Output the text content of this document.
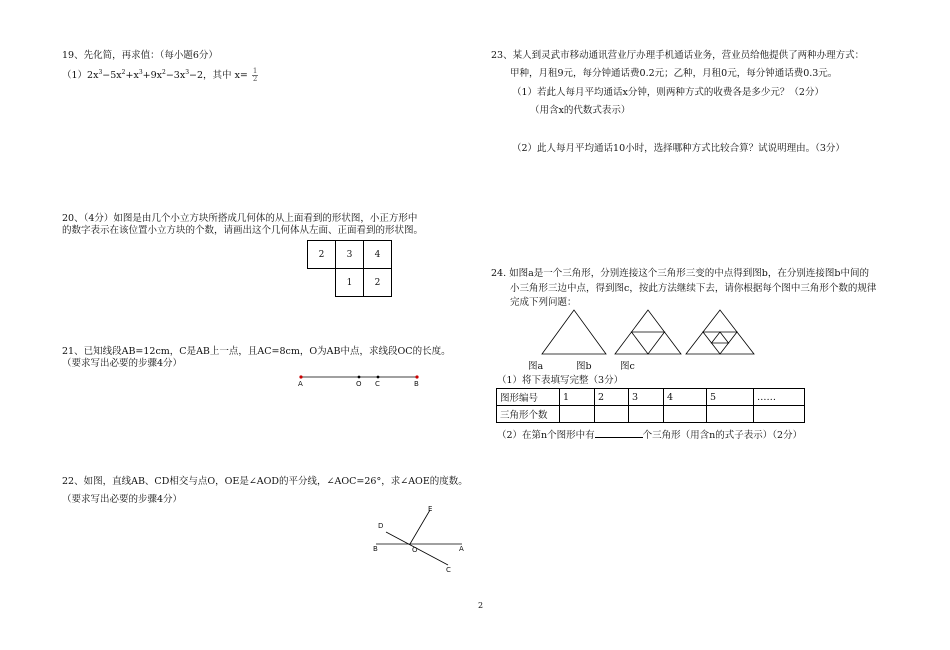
19、先化简，再求值：（每小题6分）
$(1)2x^3-5x^2+x^3+9x^2-3x^3-2$，其中 $x= \frac{1}{2}$
20、（4分）如图是由几个小立方块所搭成几何体的从上面看到的形状图，小正方形中
的数字表示在该位置小立方块的个数，请画出这个几何体从左面、正面看到的形状图。
2	3	4
	1	2
21、已知线段AB=12cm，C是AB上一点，且AC=8cm，O为AB中点，求线段OC的长度。
（要求写出必要的步骤4分）
A	O C	B
22、如图，直线AB、CD相交与点O，OE是∠AOD的平分线，∠AOC=26°，求∠AOE的度数。
（要求写出必要的步骤4分）
D
E
B	O	A
C
23、某人到灵武市移动通讯营业厅办理手机通话业务，营业员给他提供了两种办理方式：
甲种，月租9元，每分钟通话费0.2元；乙种，月租0元，每分钟通话费0.3元。
（1）若此人每月平均通话x分钟，则两种方式的收费各是多少元？（2分）
（用含x的代数式表示）
（2）此人每月平均通话10小时，选择哪种方式比较合算？试说明理由。（3分）
24. 如图a是一个三角形，分别连接这个三角形三变的中点得到图b，在分别连接图b中间的
小三角形三边中点，得到图c，按此方法继续下去，请你根据每个图中三角形个数的规律
完成下列问题：
图a	图b	图c
（1）将下表填写完整（3分）
图形编号	1	2	3	4	5	……
三角形个数						
（2）在第n个图形中有	个三角形（用含n的式子表示）（2分）
2
